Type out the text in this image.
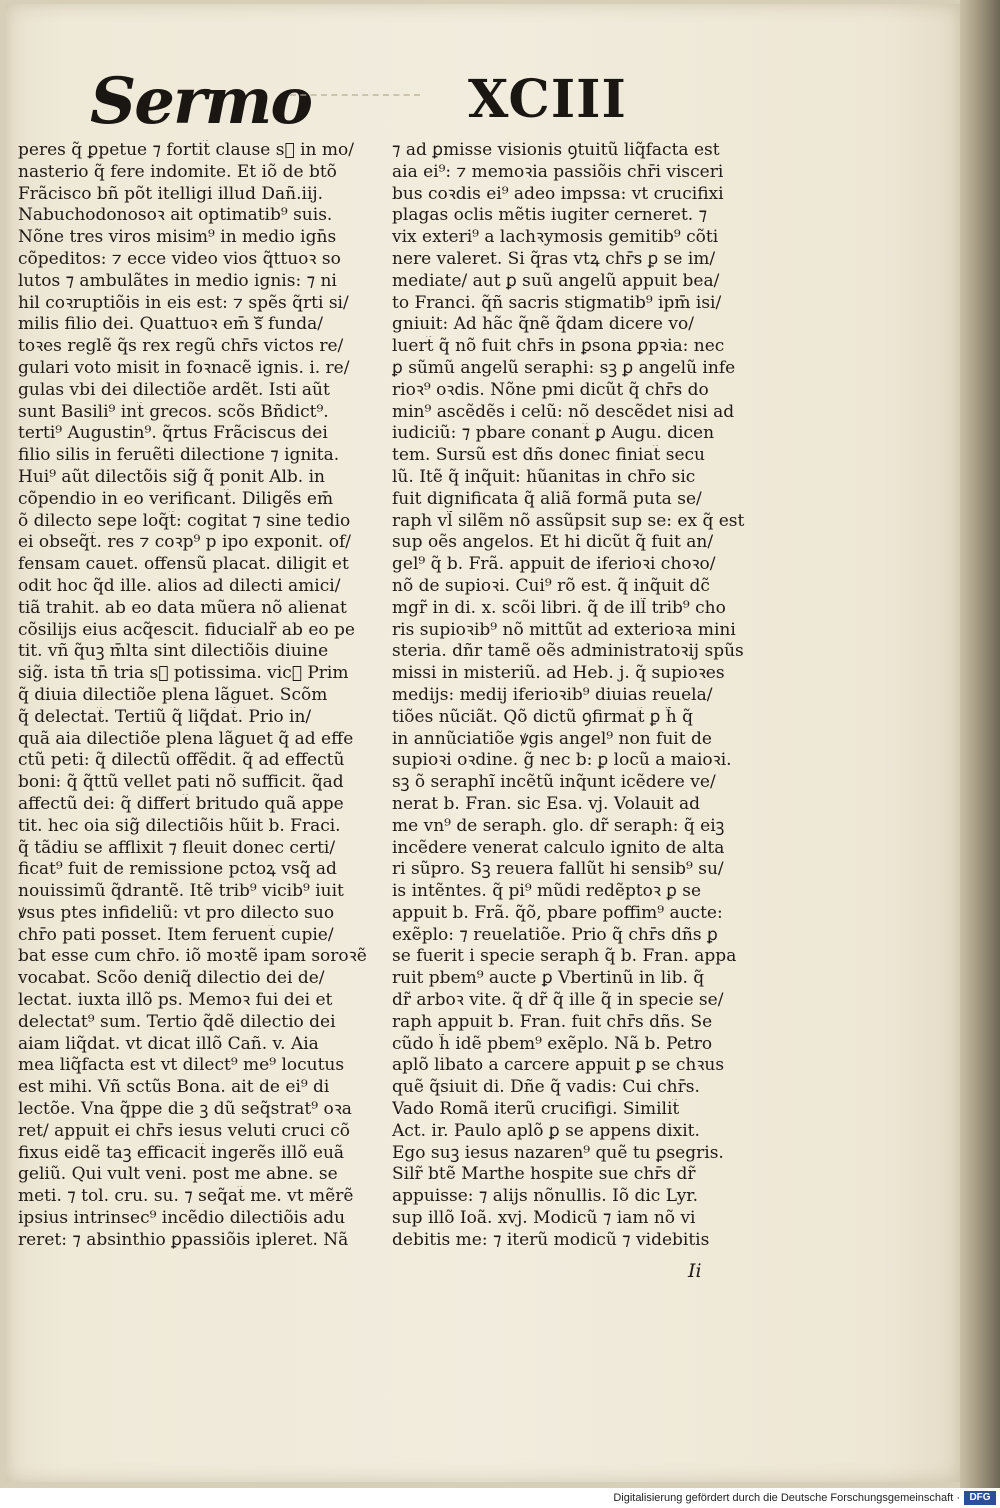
Sermo	XCIII
peres q̃ ꝑpetue ⁊ fortit̃ clause sᷓ in mo/
nasterio q̃ fere indomite. Et iõ de btõ
Frãcisco bñ põt itelligi illud Dañ.iij.
Nabuchodonosoꝛ ait optimatib⁹ suis.
Nõne tres viros misim⁹ in medio ign̄s
cõpeditos: ⁊ ecce video vios q̃ttuoꝛ so
lutos ⁊ ambulãtes in medio ignis: ⁊ ni
hil coꝛruptiõis in eis est: ⁊ spẽs q̃rti si/
milis filio dei. Quattuoꝛ em̄ sᷓ funda/
toꝛes reglẽ q̃s rex regũ chr̄s victos re/
gulari voto misit in foꝛnacẽ ignis. i. re/
gulas vbi dei dilectiõe ardẽt. Isti aũt
sunt Basili⁹ int̃ grecos. scõs Bñdict⁹.
terti⁹ Augustin⁹. q̃rtus Frãciscus dei
filio silis in feruẽti dilectione ⁊ ignita.
Hui⁹ aũt dilectõis sig̃ q̃ ponit Alb. in
cõpendio in eo verificant̃. Diligẽs em̄
õ dilecto sepe loq̃t̃: cogitat ⁊ sine tedio
ei obseq̃t̃. res ⁊ coꝛp⁹ p ipo exponit. of/
fensam cauet. offensũ placat. diligit et
odit hoc q̃d ille. alios ad dilecti amici/
tiã trahit. ab eo data mũera nõ alienat
cõsilijs eius acq̃escit. fiducialr̃ ab eo pe
tit. vñ q̃uꝫ m̄lta sint dilectiõis diuine
sig̃. ista tn̄ tria sᷓ potissima. vicꝫ Prim
q̃ diuia dilectiõe plena lãguet. Scõm
q̃ delectat̃. Tertiũ q̃ liq̃dat̃. Prio in/
quã aia dilectiõe plena lãguet q̃ ad effe
ctũ peti: q̃ dilectũ offẽdit. q̃ ad effectũ
boni: q̃ q̃ttũ vellet pati nõ sufficit. q̃ad
affectũ dei: q̃ differt̃ britudo quã appe
tit. hec oia sig̃ dilectiõis hũit b. Fraci.
q̃ tãdiu se afflixit ⁊ fleuit donec certi/
ficat⁹ fuit de remissione pctoꝝ vsq̃ ad
nouissimũ q̃drantẽ. Itẽ trib⁹ vicib⁹ iuit
ꝟsus ptes infideliũ: vt pro dilecto suo
chr̄o pati posset. Item feruent̃ cupie/
bat esse cum chr̄o. iõ moꝛtẽ ipam soroꝛẽ
vocabat. Scõo deniq̃ dilectio dei de/
lectat. iuxta illõ ps. Memoꝛ fui dei et
delectat⁹ sum. Tertio q̃dẽ dilectio dei
aiam liq̃dat. vt dicat illõ Cañ. v. Aia
mea liq̃facta est vt dilect⁹ me⁹ locutus
est mihi. Vñ sctũs Bona. ait de ei⁹ di
lectõe. Vna q̃ppe die ꝫ dũ seq̃strat⁹ oꝛa
ret/ appuit ei chr̄s iesus veluti cruci cõ
fixus eidẽ taꝫ efficacit̃ ingerẽs illõ euã
geliũ. Qui vult veni. post me abne. se
meti. ⁊ tol. cru. su. ⁊ seq̃at̃ me. vt mẽrẽ
ipsius intrinsec⁹ incẽdio dilectiõis adu
reret: ⁊ absinthio ꝑpassiõis ipleret. Nã
⁊ ad ꝑmisse visionis ꝯtuitũ liq̃facta est
aia ei⁹: ⁊ memoꝛia passiõis chr̄i visceri
bus coꝛdis ei⁹ adeo impssa: vt crucifixi
plagas oclis mẽtis iugiter cerneret. ⁊
vix exteri⁹ a lachꝛymosis gemitib⁹ cõti
nere valeret. Si q̃ras vtꝝ chr̄s ꝑ se im/
mediate/ aut ꝑ suũ angelũ appuit bea/
to Franci. q̃ñ sacris stigmatib⁹ ipm̄ isi/
gniuit: Ad hãc q̃nẽ q̃dam dicere vo/
luert̃ q̃ nõ fuit chr̄s in ꝑsona ꝑpꝛia: nec
ꝑ sũmũ angelũ seraphi: sꝫ ꝑ angelũ infe
rioꝛ⁹ oꝛdis. Nõne pmi dicũt q̃ chr̄s do
min⁹ ascẽdẽs i celũ: nõ descẽdet nisi ad
iudiciũ: ⁊ pbare conant̃ ꝑ Augu. dicen
tem. Sursũ est dñs donec finiat̃ secu
lũ. Itẽ q̃ inq̃uit: hũanitas in chr̄o sic
fuit dignificata q̃ aliã formã puta se/
raph vl̃ silẽm nõ assũpsit sup se: ex q̃ est
sup oẽs angelos. Et hi dicũt q̃ fuit an/
gel⁹ q̃ b. Frã. appuit de iferioꝛi choꝛo/
nõ de supioꝛi. Cui⁹ rõ est. q̃ inq̃uit dc̃
mgr̃ in di. x. scõi libri. q̃ de ill̃ trib⁹ cho
ris supioꝛib⁹ nõ mittũt ad exterioꝛa mini
steria. dñr tamẽ oẽs administratoꝛij spũs
missi in misteriũ. ad Heb. j. q̃ supioꝛes
medijs: medij iferioꝛib⁹ diuias reuela/
tiões nũciãt. Qõ dictũ ꝯfirmat̃ ꝑ h̃ q̃
in annũciatiõe ꝟgis angel⁹ non fuit de
supioꝛi oꝛdine. g̃ nec b: ꝑ locũ a maioꝛi.
sꝫ õ seraphĩ incẽtũ inq̃unt icẽdere ve/
nerat b. Fran. sic Esa. vj. Volauit ad
me vn⁹ de seraph. glo. dr̃ seraph: q̃ eiꝫ
incẽdere venerat calculo ignito de alta
ri sũpro. Sꝫ reuera fallũt hi sensib⁹ su/
is intẽntes. q̃ pi⁹ mũdi redẽptoꝛ ꝑ se
appuit b. Frã. q̃õ, pbare poffim⁹ aucte:
exẽplo: ⁊ reuelatiõe. Prio q̃ chr̄s dñs ꝑ
se fuerit i specie seraph q̃ b. Fran. appa
ruit pbem⁹ aucte ꝑ Vbertinũ in lib. q̃
dr̃ arboꝛ vite. q̃ dr̃ q̃ ille q̃ in specie se/
raph appuit b. Fran. fuit chr̄s dñs. Se
cũdo h̃ idẽ pbem⁹ exẽplo. Nã b. Petro
aplõ libato a carcere appuit ꝑ se chꝛus
quẽ q̃siuit di. Dñe q̃ vadis: Cui chr̄s.
Vado Romã iterũ crucifigi. Similit̃
Act. ir. Paulo aplõ ꝑ se appens dixit.
Ego suꝫ iesus nazaren⁹ quẽ tu ꝑsegris.
Silr̃ btẽ Marthe hospite sue chr̄s dr̃
appuisse: ⁊ alijs nõnullis. Iõ dic Lyr.
sup illõ Ioã. xvj. Modicũ ⁊ iam nõ vi
debitis me: ⁊ iterũ modicũ ⁊ videbitis
Ii
Digitalisierung gefördert durch die Deutsche Forschungsgemeinschaft · DFG
